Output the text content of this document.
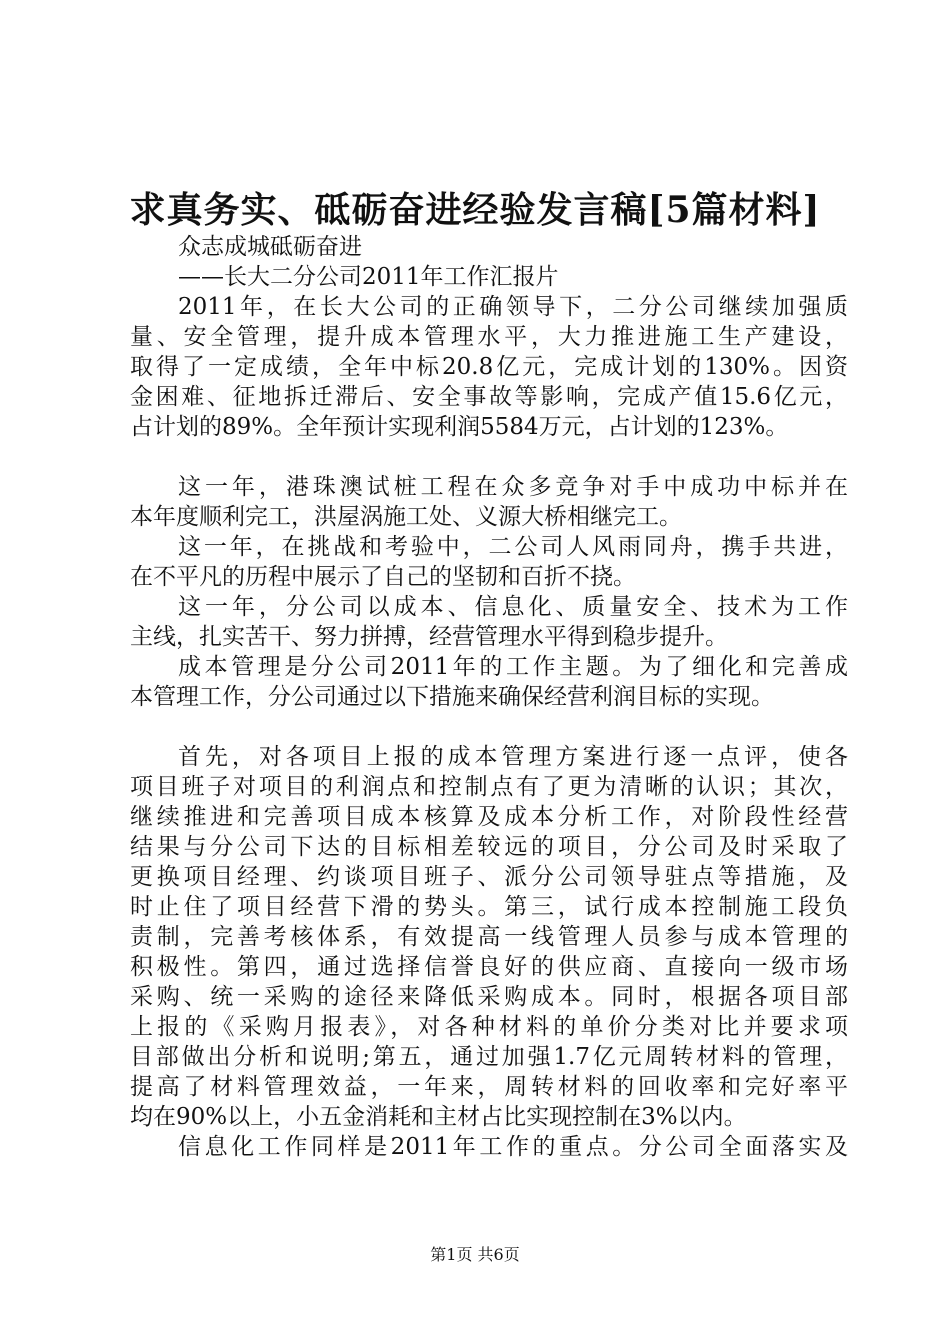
求真务实、砥砺奋进经验发言稿[5篇材料]
众志成城砥砺奋进
——长大二分公司2011年工作汇报片
2011年，在长大公司的正确领导下，二分公司继续加强质
量、安全管理，提升成本管理水平，大力推进施工生产建设，
取得了一定成绩，全年中标20.8亿元，完成计划的130%。因资
金困难、征地拆迁滞后、安全事故等影响，完成产值15.6亿元，
占计划的89%。全年预计实现利润5584万元，占计划的123%。
这一年，港珠澳试桩工程在众多竞争对手中成功中标并在
本年度顺利完工，洪屋涡施工处、义源大桥相继完工。
这一年，在挑战和考验中，二公司人风雨同舟，携手共进，
在不平凡的历程中展示了自己的坚韧和百折不挠。
这一年，分公司以成本、信息化、质量安全、技术为工作
主线，扎实苦干、努力拼搏，经营管理水平得到稳步提升。
成本管理是分公司2011年的工作主题。为了细化和完善成
本管理工作，分公司通过以下措施来确保经营利润目标的实现。
首先，对各项目上报的成本管理方案进行逐一点评，使各
项目班子对项目的利润点和控制点有了更为清晰的认识；其次，
继续推进和完善项目成本核算及成本分析工作，对阶段性经营
结果与分公司下达的目标相差较远的项目，分公司及时采取了
更换项目经理、约谈项目班子、派分公司领导驻点等措施，及
时止住了项目经营下滑的势头。第三，试行成本控制施工段负
责制，完善考核体系，有效提高一线管理人员参与成本管理的
积极性。第四，通过选择信誉良好的供应商、直接向一级市场
采购、统一采购的途径来降低采购成本。同时，根据各项目部
上报的《采购月报表》，对各种材料的单价分类对比并要求项
目部做出分析和说明;第五，通过加强1.7亿元周转材料的管理，
提高了材料管理效益，一年来，周转材料的回收率和完好率平
均在90%以上，小五金消耗和主材占比实现控制在3%以内。
信息化工作同样是2011年工作的重点。分公司全面落实及
第1页 共6页
